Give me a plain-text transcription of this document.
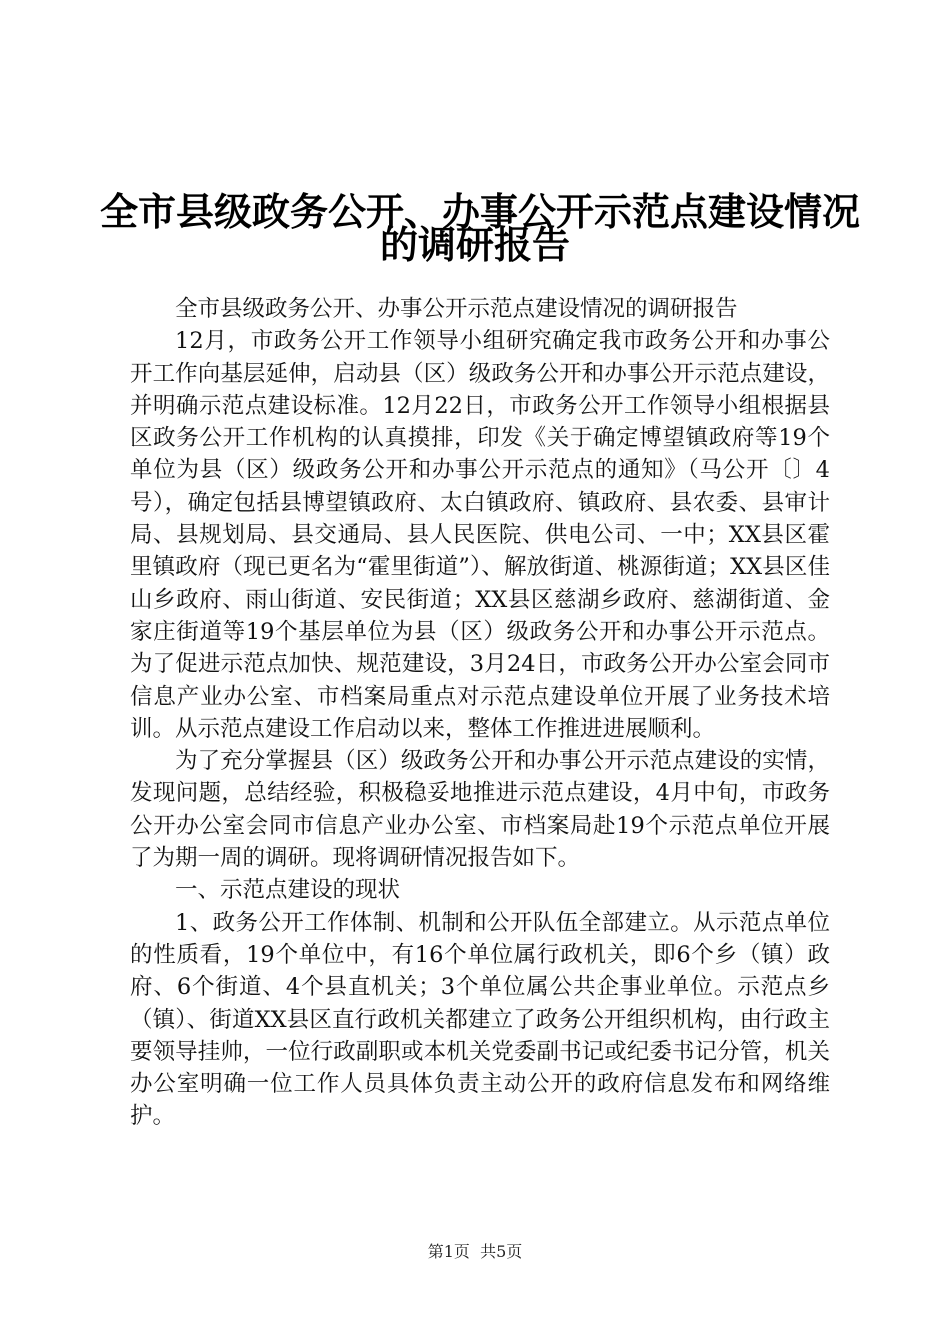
全市县级政务公开、办事公开示范点建设情况
的调研报告

全市县级政务公开、办事公开示范点建设情况的调研报告

12月，市政务公开工作领导小组研究确定我市政务公开和办事公开工作向基层延伸，启动县（区）级政务公开和办事公开示范点建设，并明确示范点建设标准。12月22日，市政务公开工作领导小组根据县区政务公开工作机构的认真摸排，印发《关于确定博望镇政府等19个单位为县（区）级政务公开和办事公开示范点的通知》（马公开〔〕4号），确定包括县博望镇政府、太白镇政府、镇政府、县农委、县审计局、县规划局、县交通局、县人民医院、供电公司、一中；XX县区霍里镇政府（现已更名为“霍里街道”）、解放街道、桃源街道；XX县区佳山乡政府、雨山街道、安民街道；XX县区慈湖乡政府、慈湖街道、金家庄街道等19个基层单位为县（区）级政务公开和办事公开示范点。为了促进示范点加快、规范建设，3月24日，市政务公开办公室会同市信息产业办公室、市档案局重点对示范点建设单位开展了业务技术培训。从示范点建设工作启动以来，整体工作推进进展顺利。

为了充分掌握县（区）级政务公开和办事公开示范点建设的实情，发现问题，总结经验，积极稳妥地推进示范点建设，4月中旬，市政务公开办公室会同市信息产业办公室、市档案局赴19个示范点单位开展了为期一周的调研。现将调研情况报告如下。

一、示范点建设的现状

1、政务公开工作体制、机制和公开队伍全部建立。从示范点单位的性质看，19个单位中，有16个单位属行政机关，即6个乡（镇）政府、6个街道、4个县直机关；3个单位属公共企事业单位。示范点乡（镇）、街道XX县区直行政机关都建立了政务公开组织机构，由行政主要领导挂帅，一位行政副职或本机关党委副书记或纪委书记分管，机关办公室明确一位工作人员具体负责主动公开的政府信息发布和网络维护。

第1页  共5页
